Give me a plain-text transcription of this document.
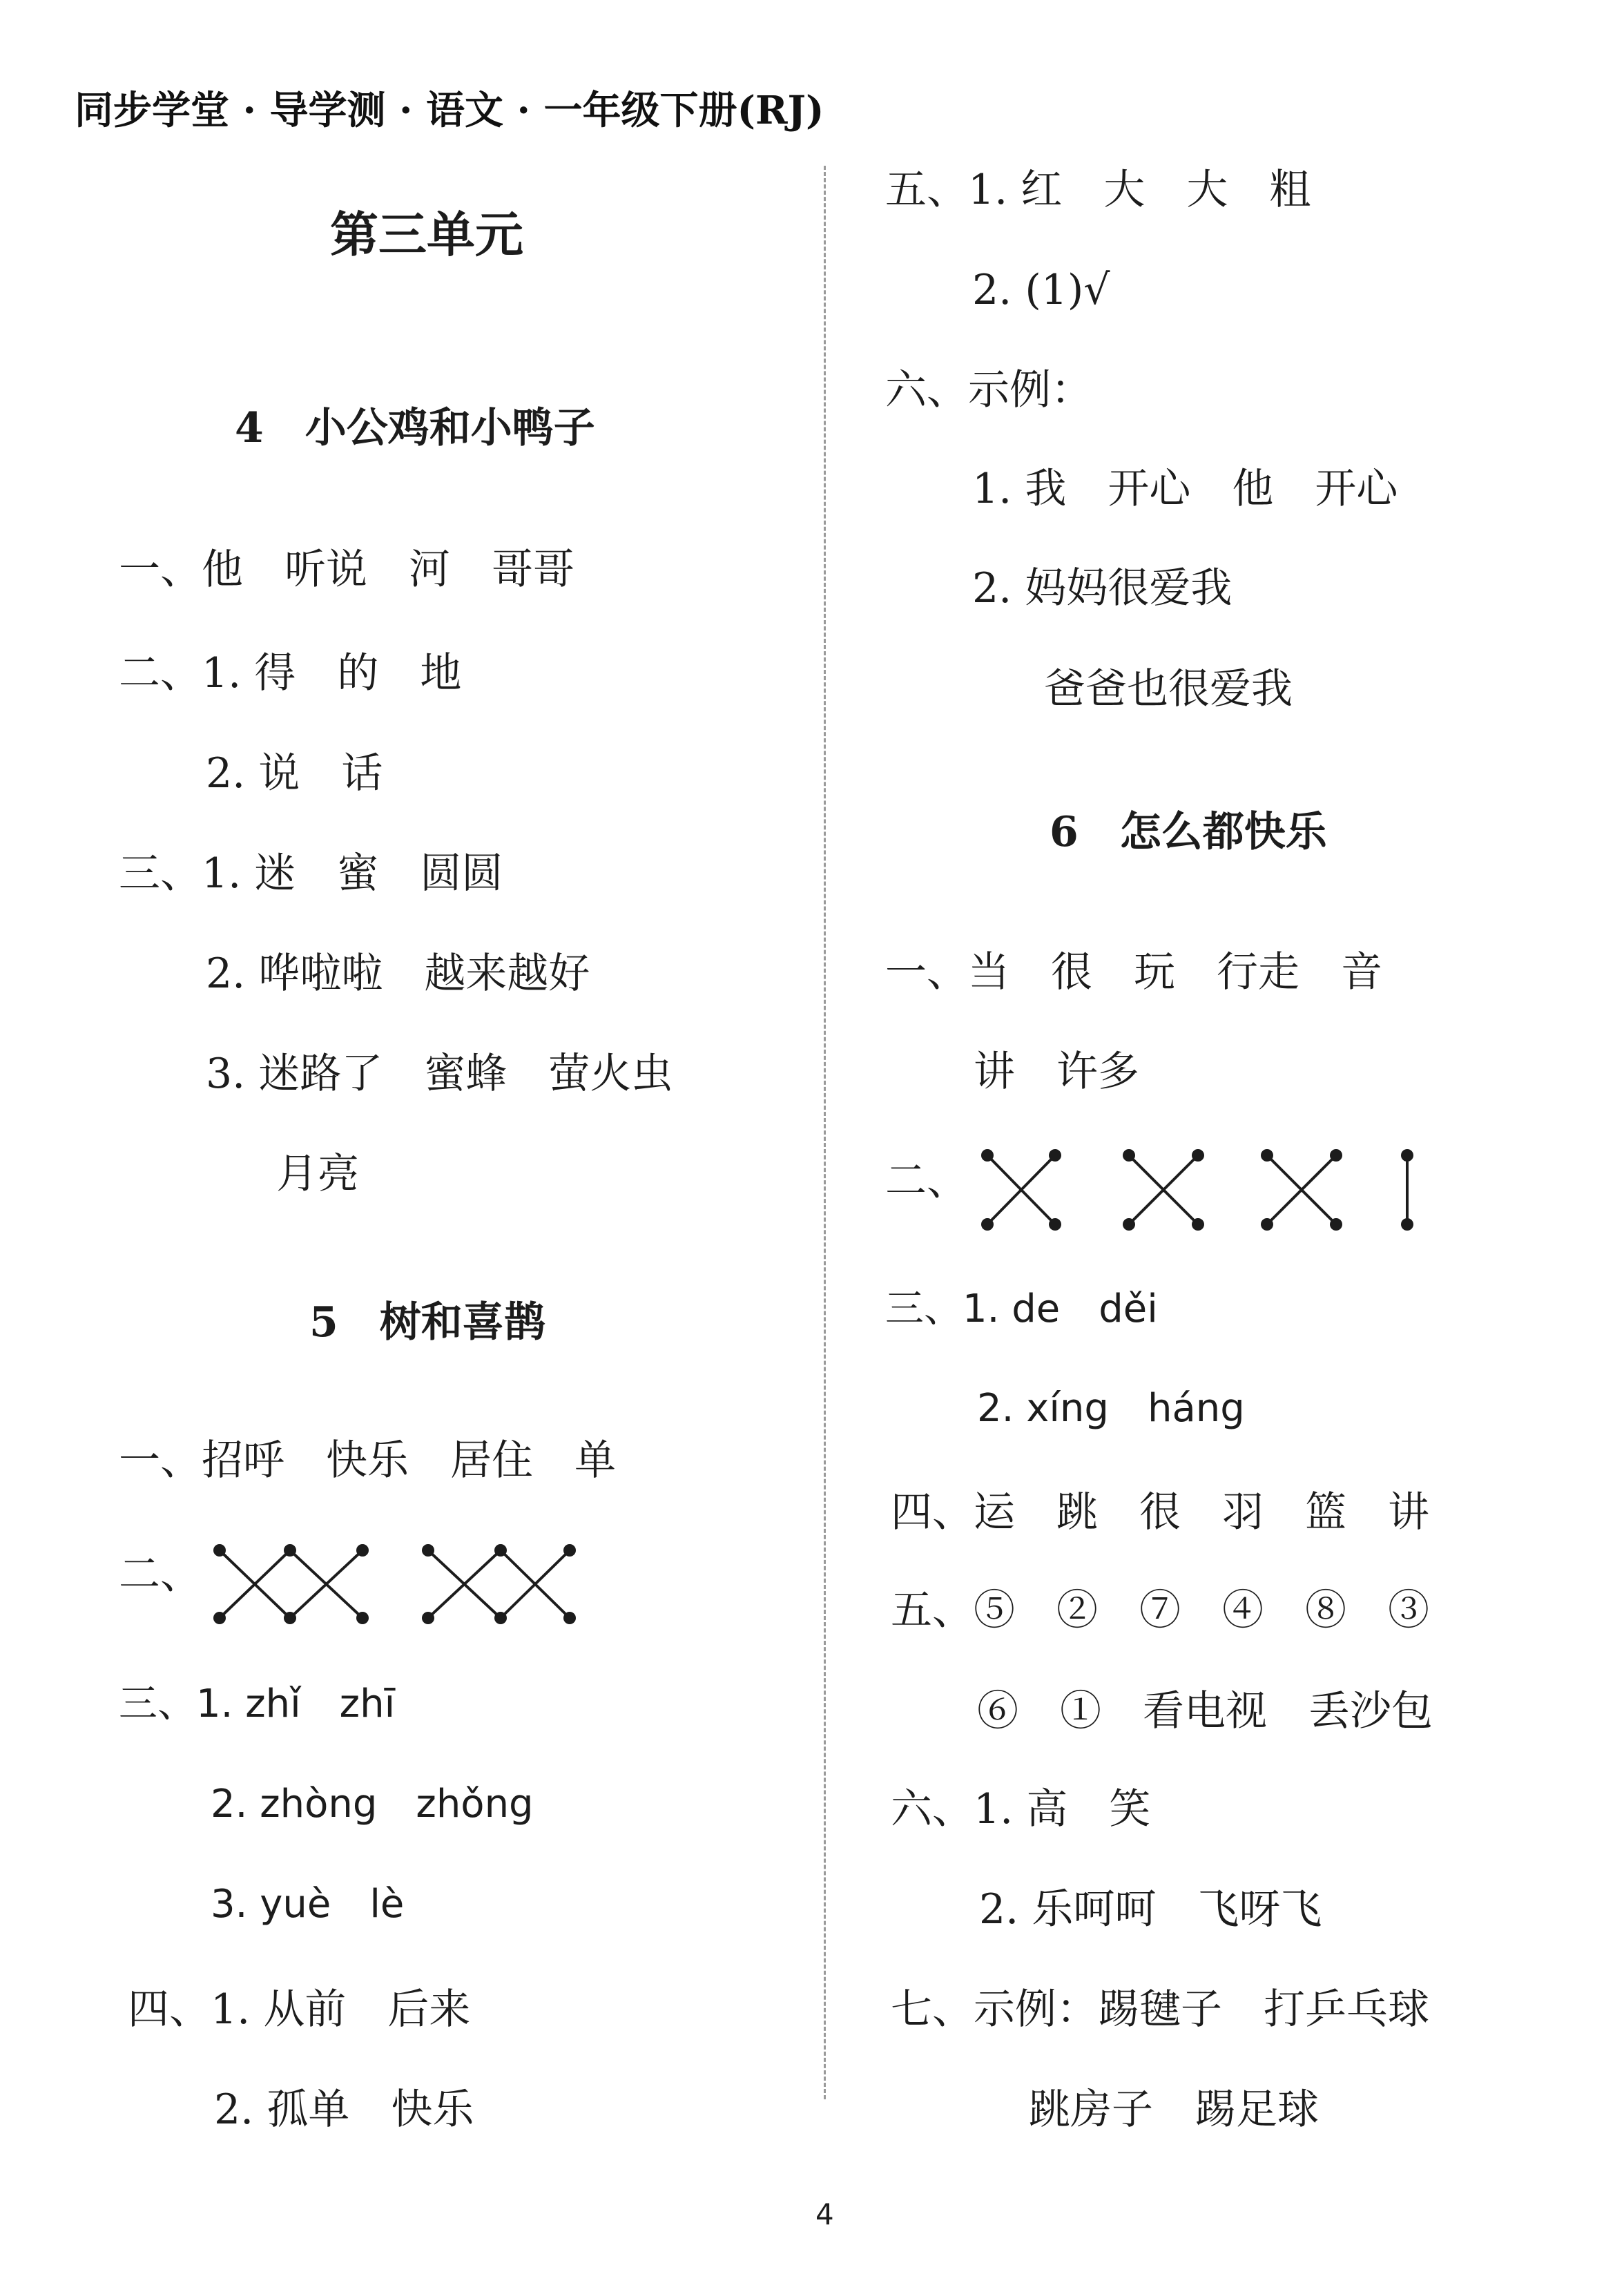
同步学堂 · 导学测 · 语文 · 一年级下册(RJ)
第三单元
4　小公鸡和小鸭子
一、他　听说　河　哥哥
二、1. 得　的　地
2. 说　话
三、1. 迷　蜜　圆圆
2. 哗啦啦　越来越好
3. 迷路了　蜜蜂　萤火虫
月亮
5　树和喜鹊
一、招呼　快乐　居住　单
二、
三、1. zhǐ　zhī
2. zhòng　zhǒng
3. yuè　lè
四、1. 从前　后来
2. 孤单　快乐
五、1. 红　大　大　粗
2. (1)√
六、示例：
1. 我　开心　他　开心
2. 妈妈很爱我
爸爸也很爱我
6　怎么都快乐
一、当　很　玩　行走　音
讲　许多
二、
三、1. de　děi
2. xíng　háng
四、运　跳　很　羽　篮　讲
五、⑤　②　⑦　④　⑧　③
⑥　①　看电视　丢沙包
六、1. 高　笑
2. 乐呵呵　飞呀飞
七、示例：踢毽子　打乒乓球
跳房子　踢足球
4
